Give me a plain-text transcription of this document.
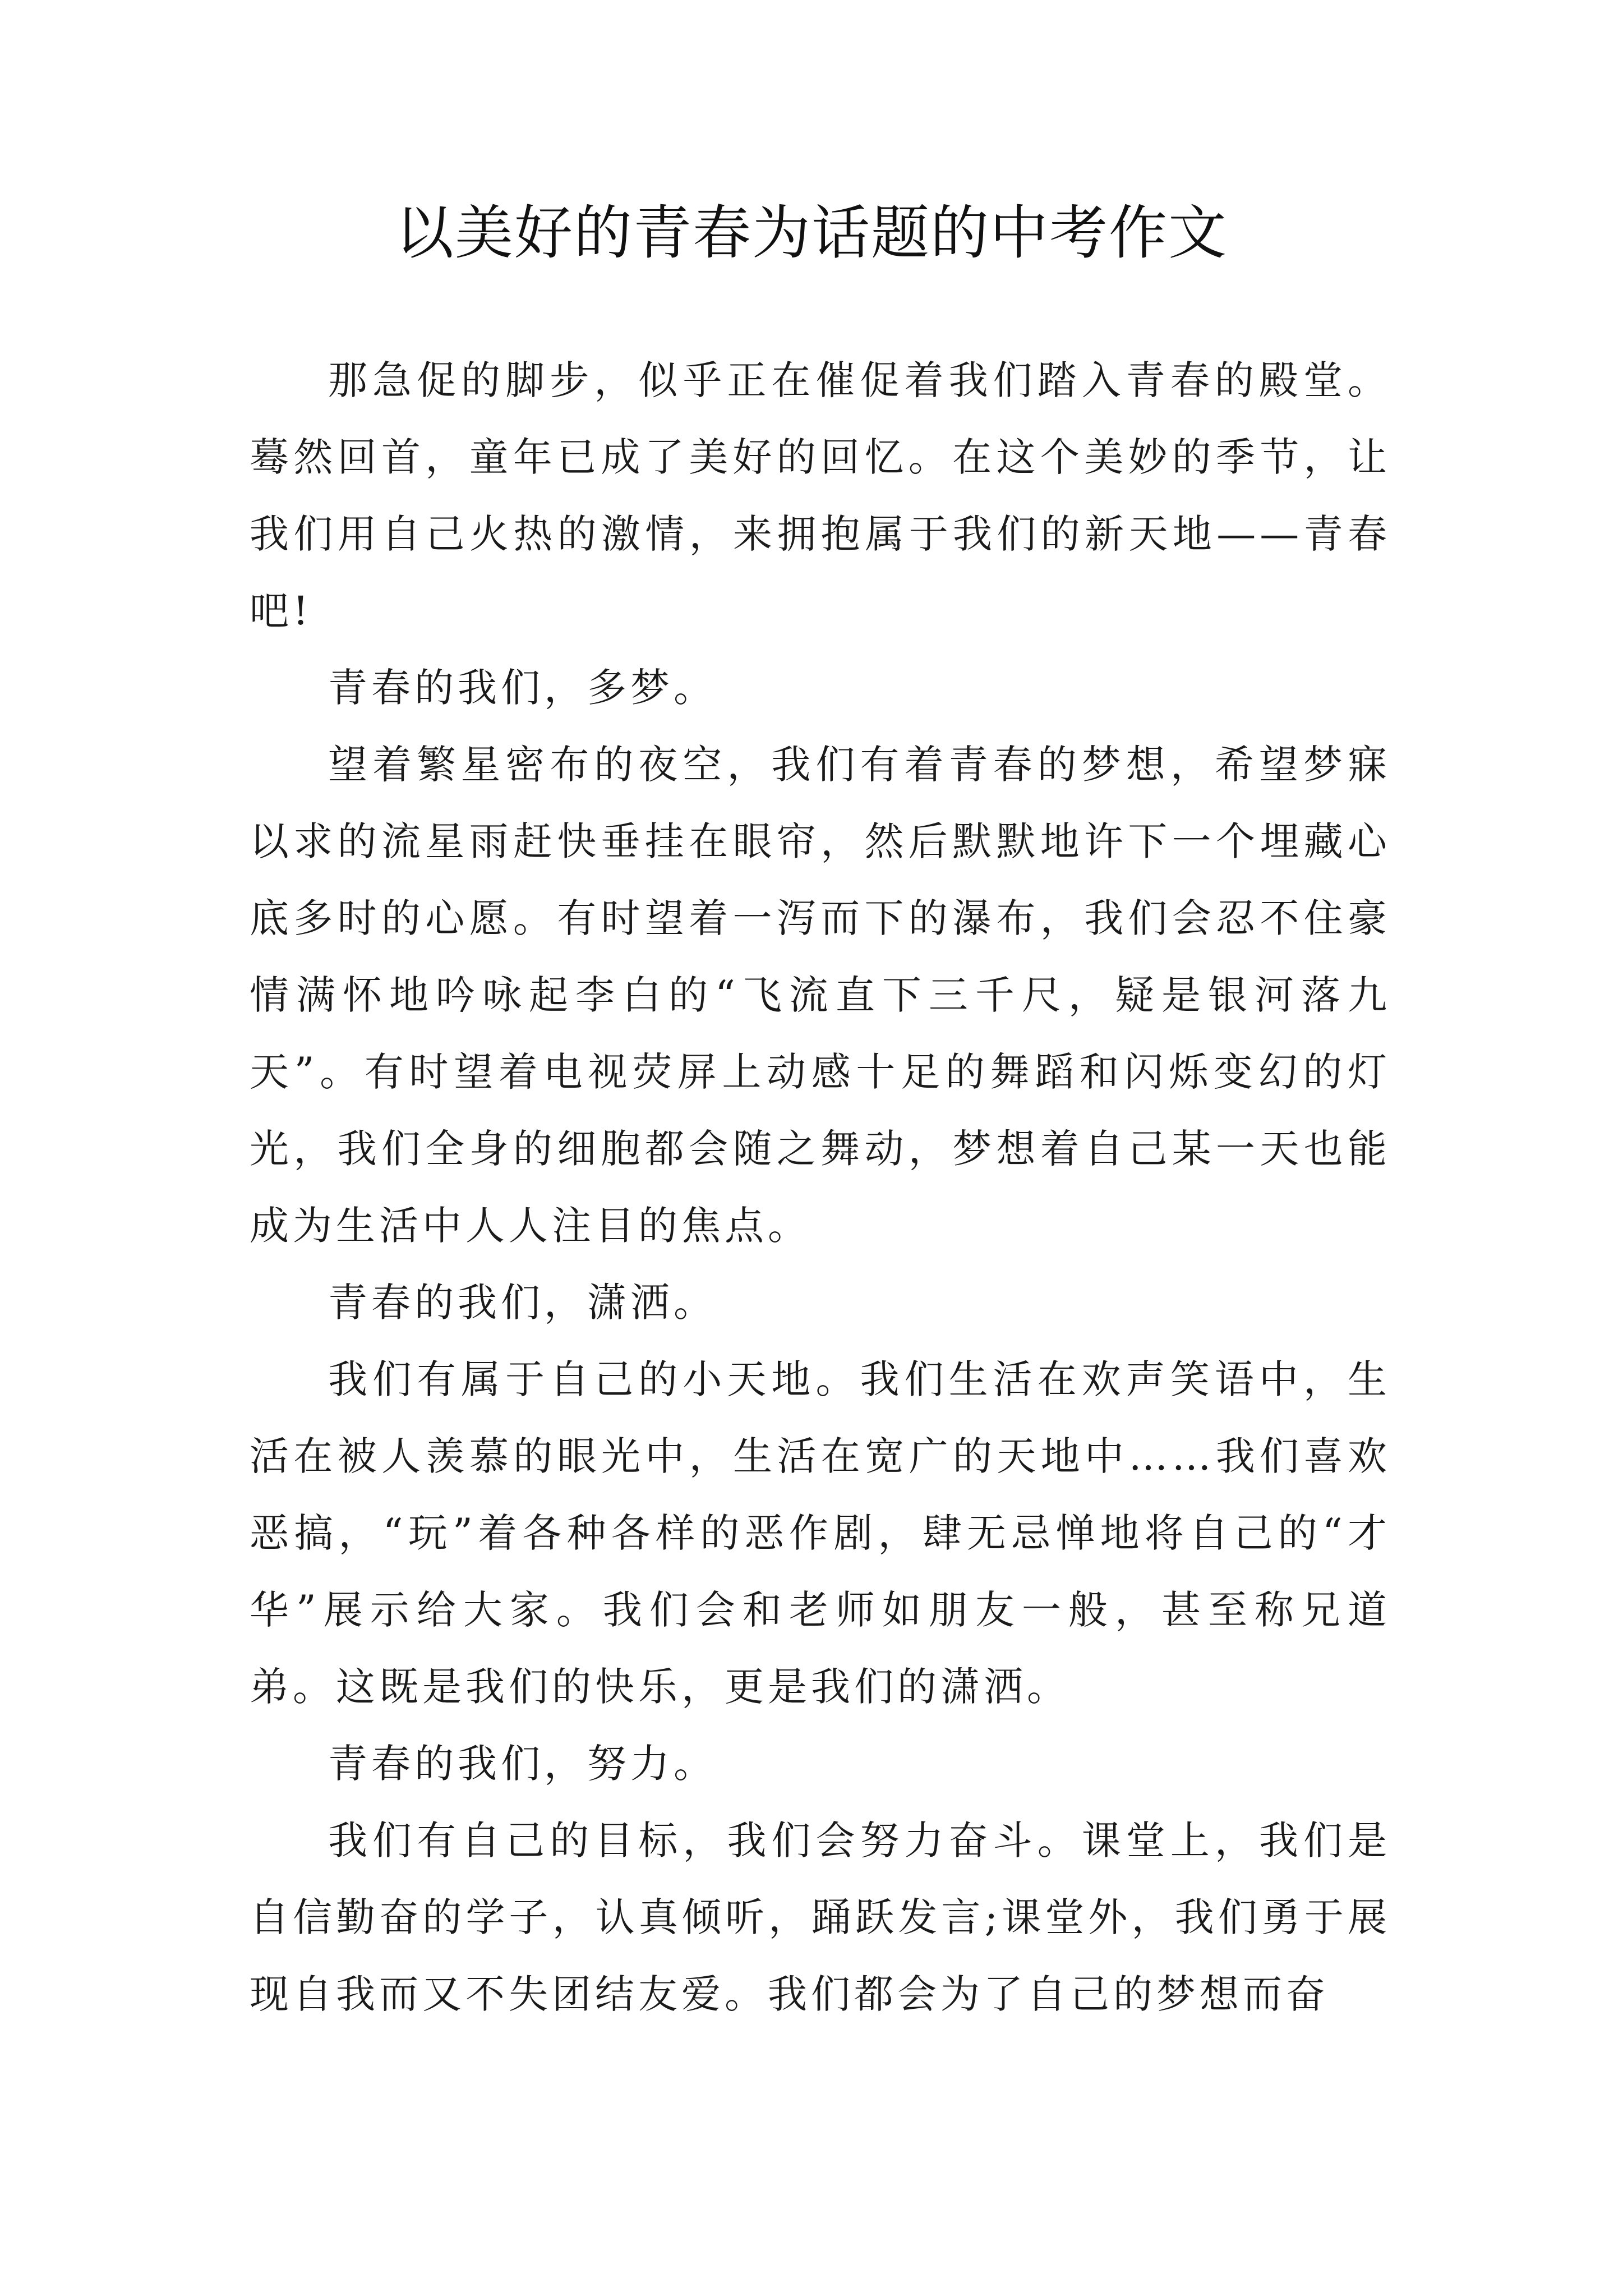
以美好的青春为话题的中考作文

那急促的脚步，似乎正在催促着我们踏入青春的殿堂。蓦然回首，童年已成了美好的回忆。在这个美妙的季节，让我们用自己火热的激情，来拥抱属于我们的新天地——青春吧!

青春的我们，多梦。

望着繁星密布的夜空，我们有着青春的梦想，希望梦寐以求的流星雨赶快垂挂在眼帘，然后默默地许下一个埋藏心底多时的心愿。有时望着一泻而下的瀑布，我们会忍不住豪情满怀地吟咏起李白的“飞流直下三千尺，疑是银河落九天”。有时望着电视荧屏上动感十足的舞蹈和闪烁变幻的灯光，我们全身的细胞都会随之舞动，梦想着自己某一天也能成为生活中人人注目的焦点。

青春的我们，潇洒。

我们有属于自己的小天地。我们生活在欢声笑语中，生活在被人羡慕的眼光中，生活在宽广的天地中……我们喜欢恶搞，“玩”着各种各样的恶作剧，肆无忌惮地将自己的“才华”展示给大家。我们会和老师如朋友一般，甚至称兄道弟。这既是我们的快乐，更是我们的潇洒。

青春的我们，努力。

我们有自己的目标，我们会努力奋斗。课堂上，我们是自信勤奋的学子，认真倾听，踊跃发言;课堂外，我们勇于展现自我而又不失团结友爱。我们都会为了自己的梦想而奋
